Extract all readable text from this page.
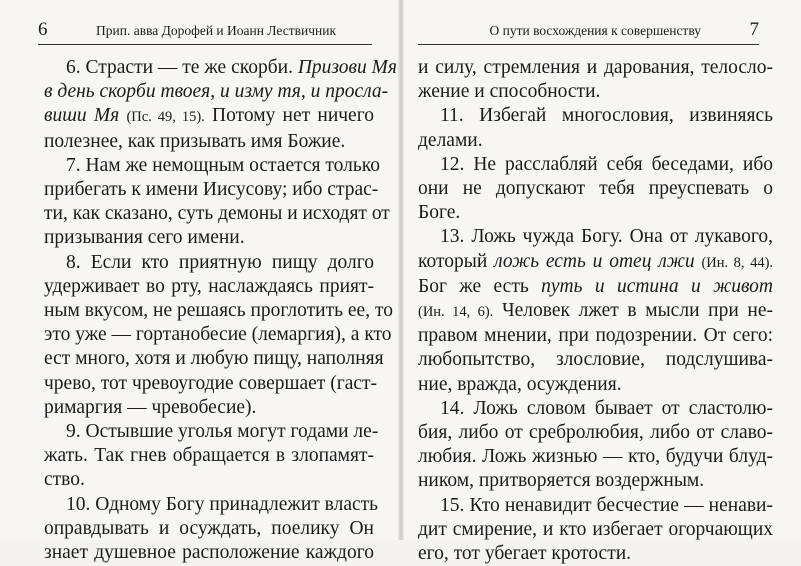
6	Прип. авва Дорофей и Иоанн Лествичник
6. Страсти — те же скорби. Призови Мя
в день скорби твоея, и изму тя, и просла-
виши Мя (Пс. 49, 15). Потому нет ничего
полезнее, как призывать имя Божие.
7. Нам же немощным остается только
прибегать к имени Иисусову; ибо страс-
ти, как сказано, суть демоны и исходят от
призывания сего имени.
8. Если кто приятную пищу долго
удерживает во рту, наслаждаясь прият-
ным вкусом, не решаясь проглотить ее, то
это уже — гортанобесие (лемаргия), а кто
ест много, хотя и любую пищу, наполняя
чрево, тот чревоугодие совершает (гаст-
римаргия — чревобесие).
9. Остывшие уголья могут годами ле-
жать. Так гнев обращается в злопамят-
ство.
10. Одному Богу принадлежит власть
оправдывать и осуждать, поелику Он
знает душевное расположение каждого
О пути восхождения к совершенству	7
и силу, стремления и дарования, телосло-
жение и способности.
11. Избегай многословия, извиняясь
делами.
12. Не расслабляй себя беседами, ибо
они не допускают тебя преуспевать о
Боге.
13. Ложь чужда Богу. Она от лукавого,
который ложь есть и отец лжи (Ин. 8, 44).
Бог же есть путь и истина и живот
(Ин. 14, 6). Человек лжет в мысли при не-
правом мнении, при подозрении. От сего:
любопытство, злословие, подслушива-
ние, вражда, осуждения.
14. Ложь словом бывает от сластолю-
бия, либо от сребролюбия, либо от славо-
любия. Ложь жизнью — кто, будучи блуд-
ником, притворяется воздержным.
15. Кто ненавидит бесчестие — ненави-
дит смирение, и кто избегает огорчающих
его, тот убегает кротости.
